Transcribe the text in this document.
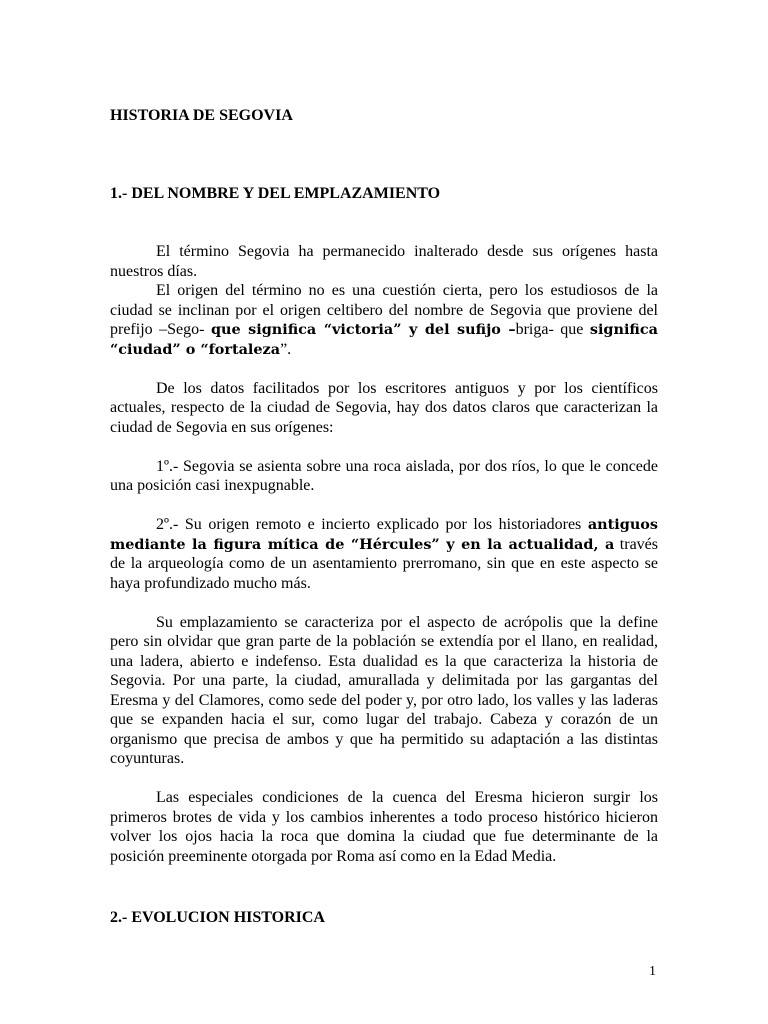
HISTORIA DE SEGOVIA
1.- DEL NOMBRE Y DEL EMPLAZAMIENTO

El término Segovia ha permanecido inalterado desde sus orígenes hasta nuestros días.

El origen del término no es una cuestión cierta, pero los estudiosos de la ciudad se inclinan por el origen celtibero del nombre de Segovia que proviene del prefijo –Sego- que significa “victoria” y del sufijo –briga- que significa “ciudad” o “fortaleza”.

De los datos facilitados por los escritores antiguos y por los científicos actuales, respecto de la ciudad de Segovia, hay dos datos claros que caracterizan la ciudad de Segovia en sus orígenes:

1º.- Segovia se asienta sobre una roca aislada, por dos ríos, lo que le concede una posición casi inexpugnable.

2º.- Su origen remoto e incierto explicado por los historiadores antiguos mediante la figura mítica de “Hércules” y en la actualidad, a través de la arqueología como de un asentamiento prerromano, sin que en este aspecto se haya profundizado mucho más.

Su emplazamiento se caracteriza por el aspecto de acrópolis que la define pero sin olvidar que gran parte de la población se extendía por el llano, en realidad, una ladera, abierto e indefenso. Esta dualidad es la que caracteriza la historia de Segovia. Por una parte, la ciudad, amurallada y delimitada por las gargantas del Eresma y del Clamores, como sede del poder y, por otro lado, los valles y las laderas que se expanden hacia el sur, como lugar del trabajo. Cabeza y corazón de un organismo que precisa de ambos y que ha permitido su adaptación a las distintas coyunturas.

Las especiales condiciones de la cuenca del Eresma hicieron surgir los primeros brotes de vida y los cambios inherentes a todo proceso histórico hicieron volver los ojos hacia la roca que domina la ciudad que fue determinante de la posición preeminente otorgada por Roma así como en la Edad Media.

2.- EVOLUCION HISTORICA

1
